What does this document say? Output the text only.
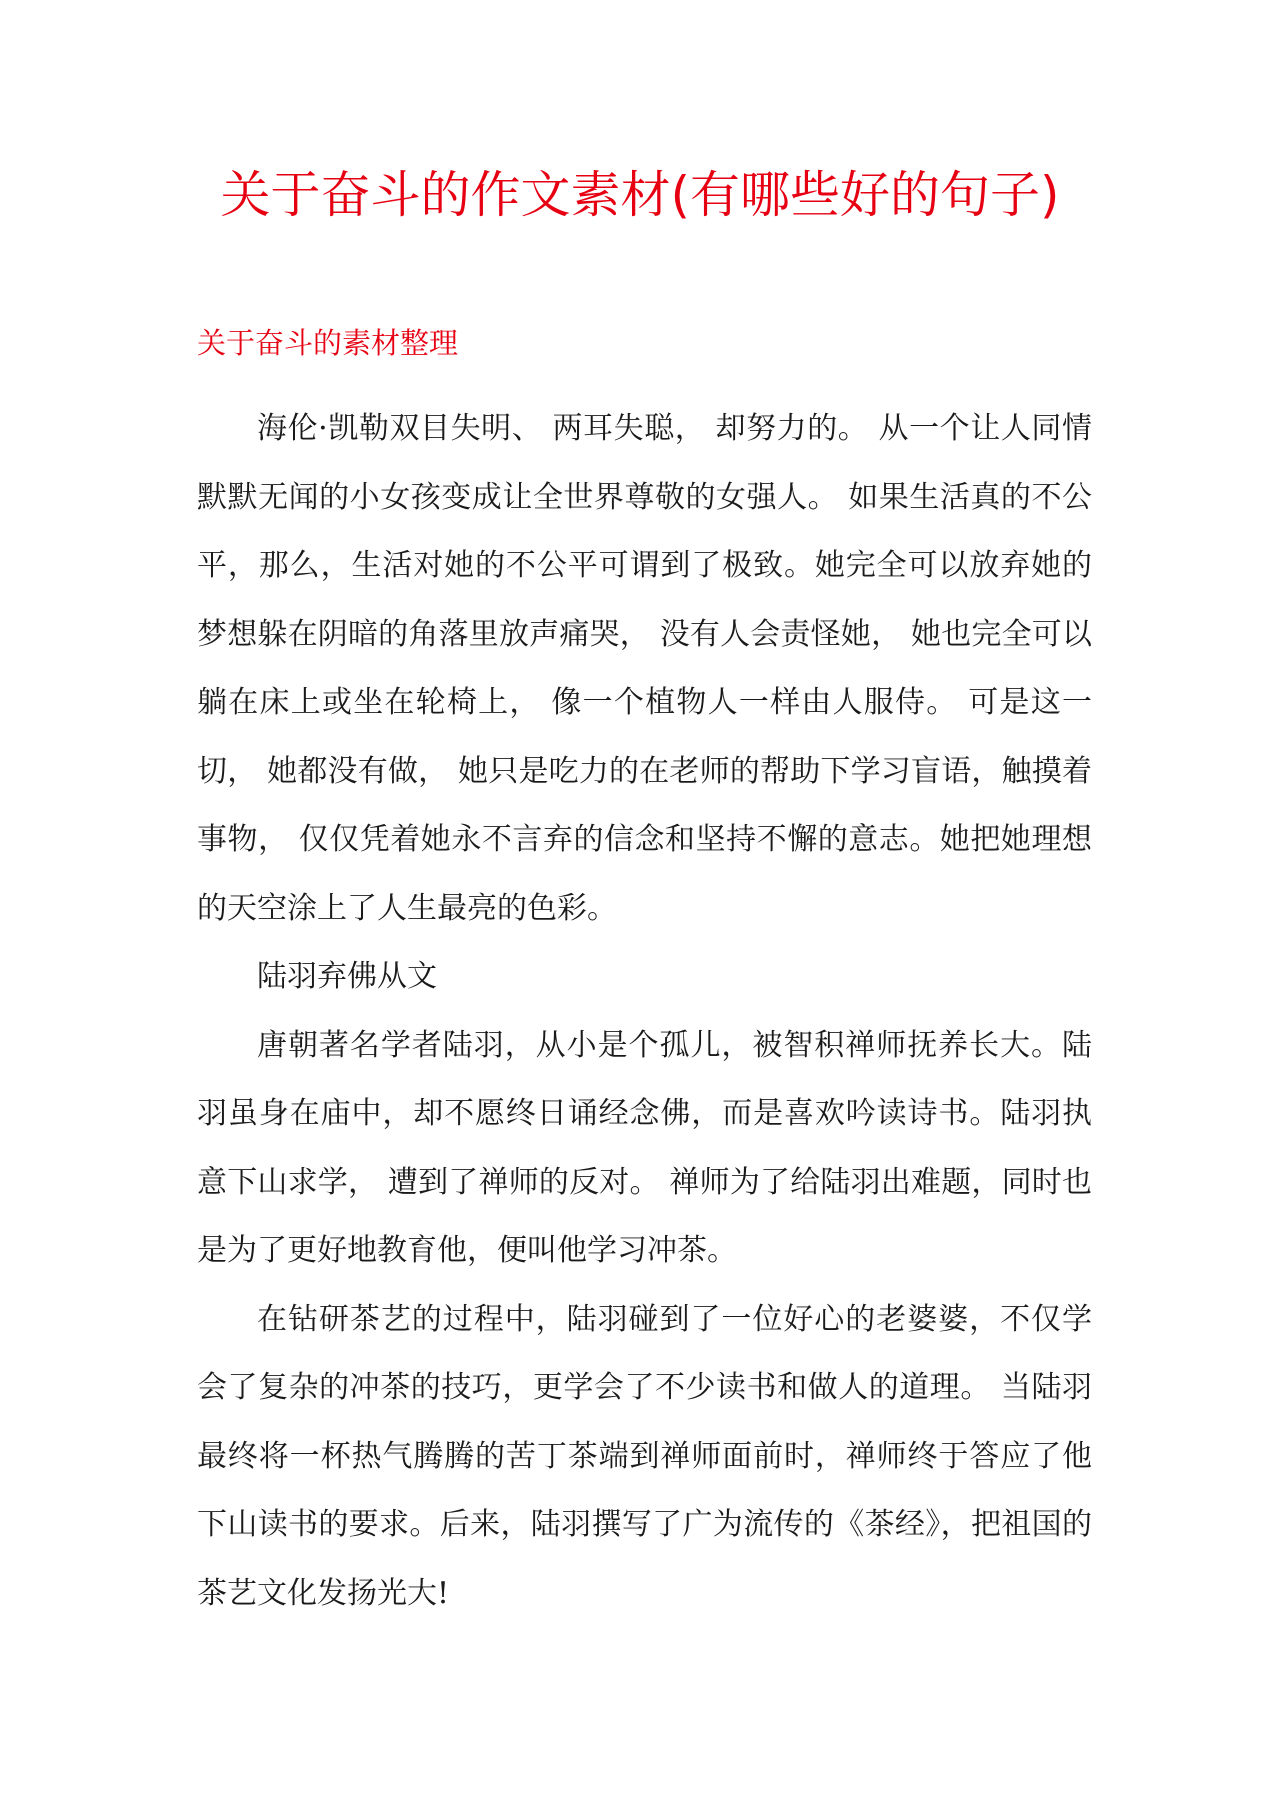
关于奋斗的作文素材(有哪些好的句子)
关于奋斗的素材整理

海伦·凯勒双目失明、 两耳失聪， 却努力的。 从一个让人同情默默无闻的小女孩变成让全世界尊敬的女强人。 如果生活真的不公平，那么，生活对她的不公平可谓到了极致。她完全可以放弃她的梦想躲在阴暗的角落里放声痛哭， 没有人会责怪她， 她也完全可以躺在床上或坐在轮椅上， 像一个植物人一样由人服侍。 可是这一切， 她都没有做， 她只是吃力的在老师的帮助下学习盲语，触摸着事物， 仅仅凭着她永不言弃的信念和坚持不懈的意志。她把她理想的天空涂上了人生最亮的色彩。

陆羽弃佛从文

唐朝著名学者陆羽，从小是个孤儿，被智积禅师抚养长大。陆羽虽身在庙中，却不愿终日诵经念佛，而是喜欢吟读诗书。陆羽执意下山求学， 遭到了禅师的反对。 禅师为了给陆羽出难题，同时也是为了更好地教育他，便叫他学习冲茶。

在钻研茶艺的过程中，陆羽碰到了一位好心的老婆婆，不仅学会了复杂的冲茶的技巧，更学会了不少读书和做人的道理。 当陆羽最终将一杯热气腾腾的苦丁茶端到禅师面前时，禅师终于答应了他下山读书的要求。后来，陆羽撰写了广为流传的《茶经》，把祖国的茶艺文化发扬光大!
